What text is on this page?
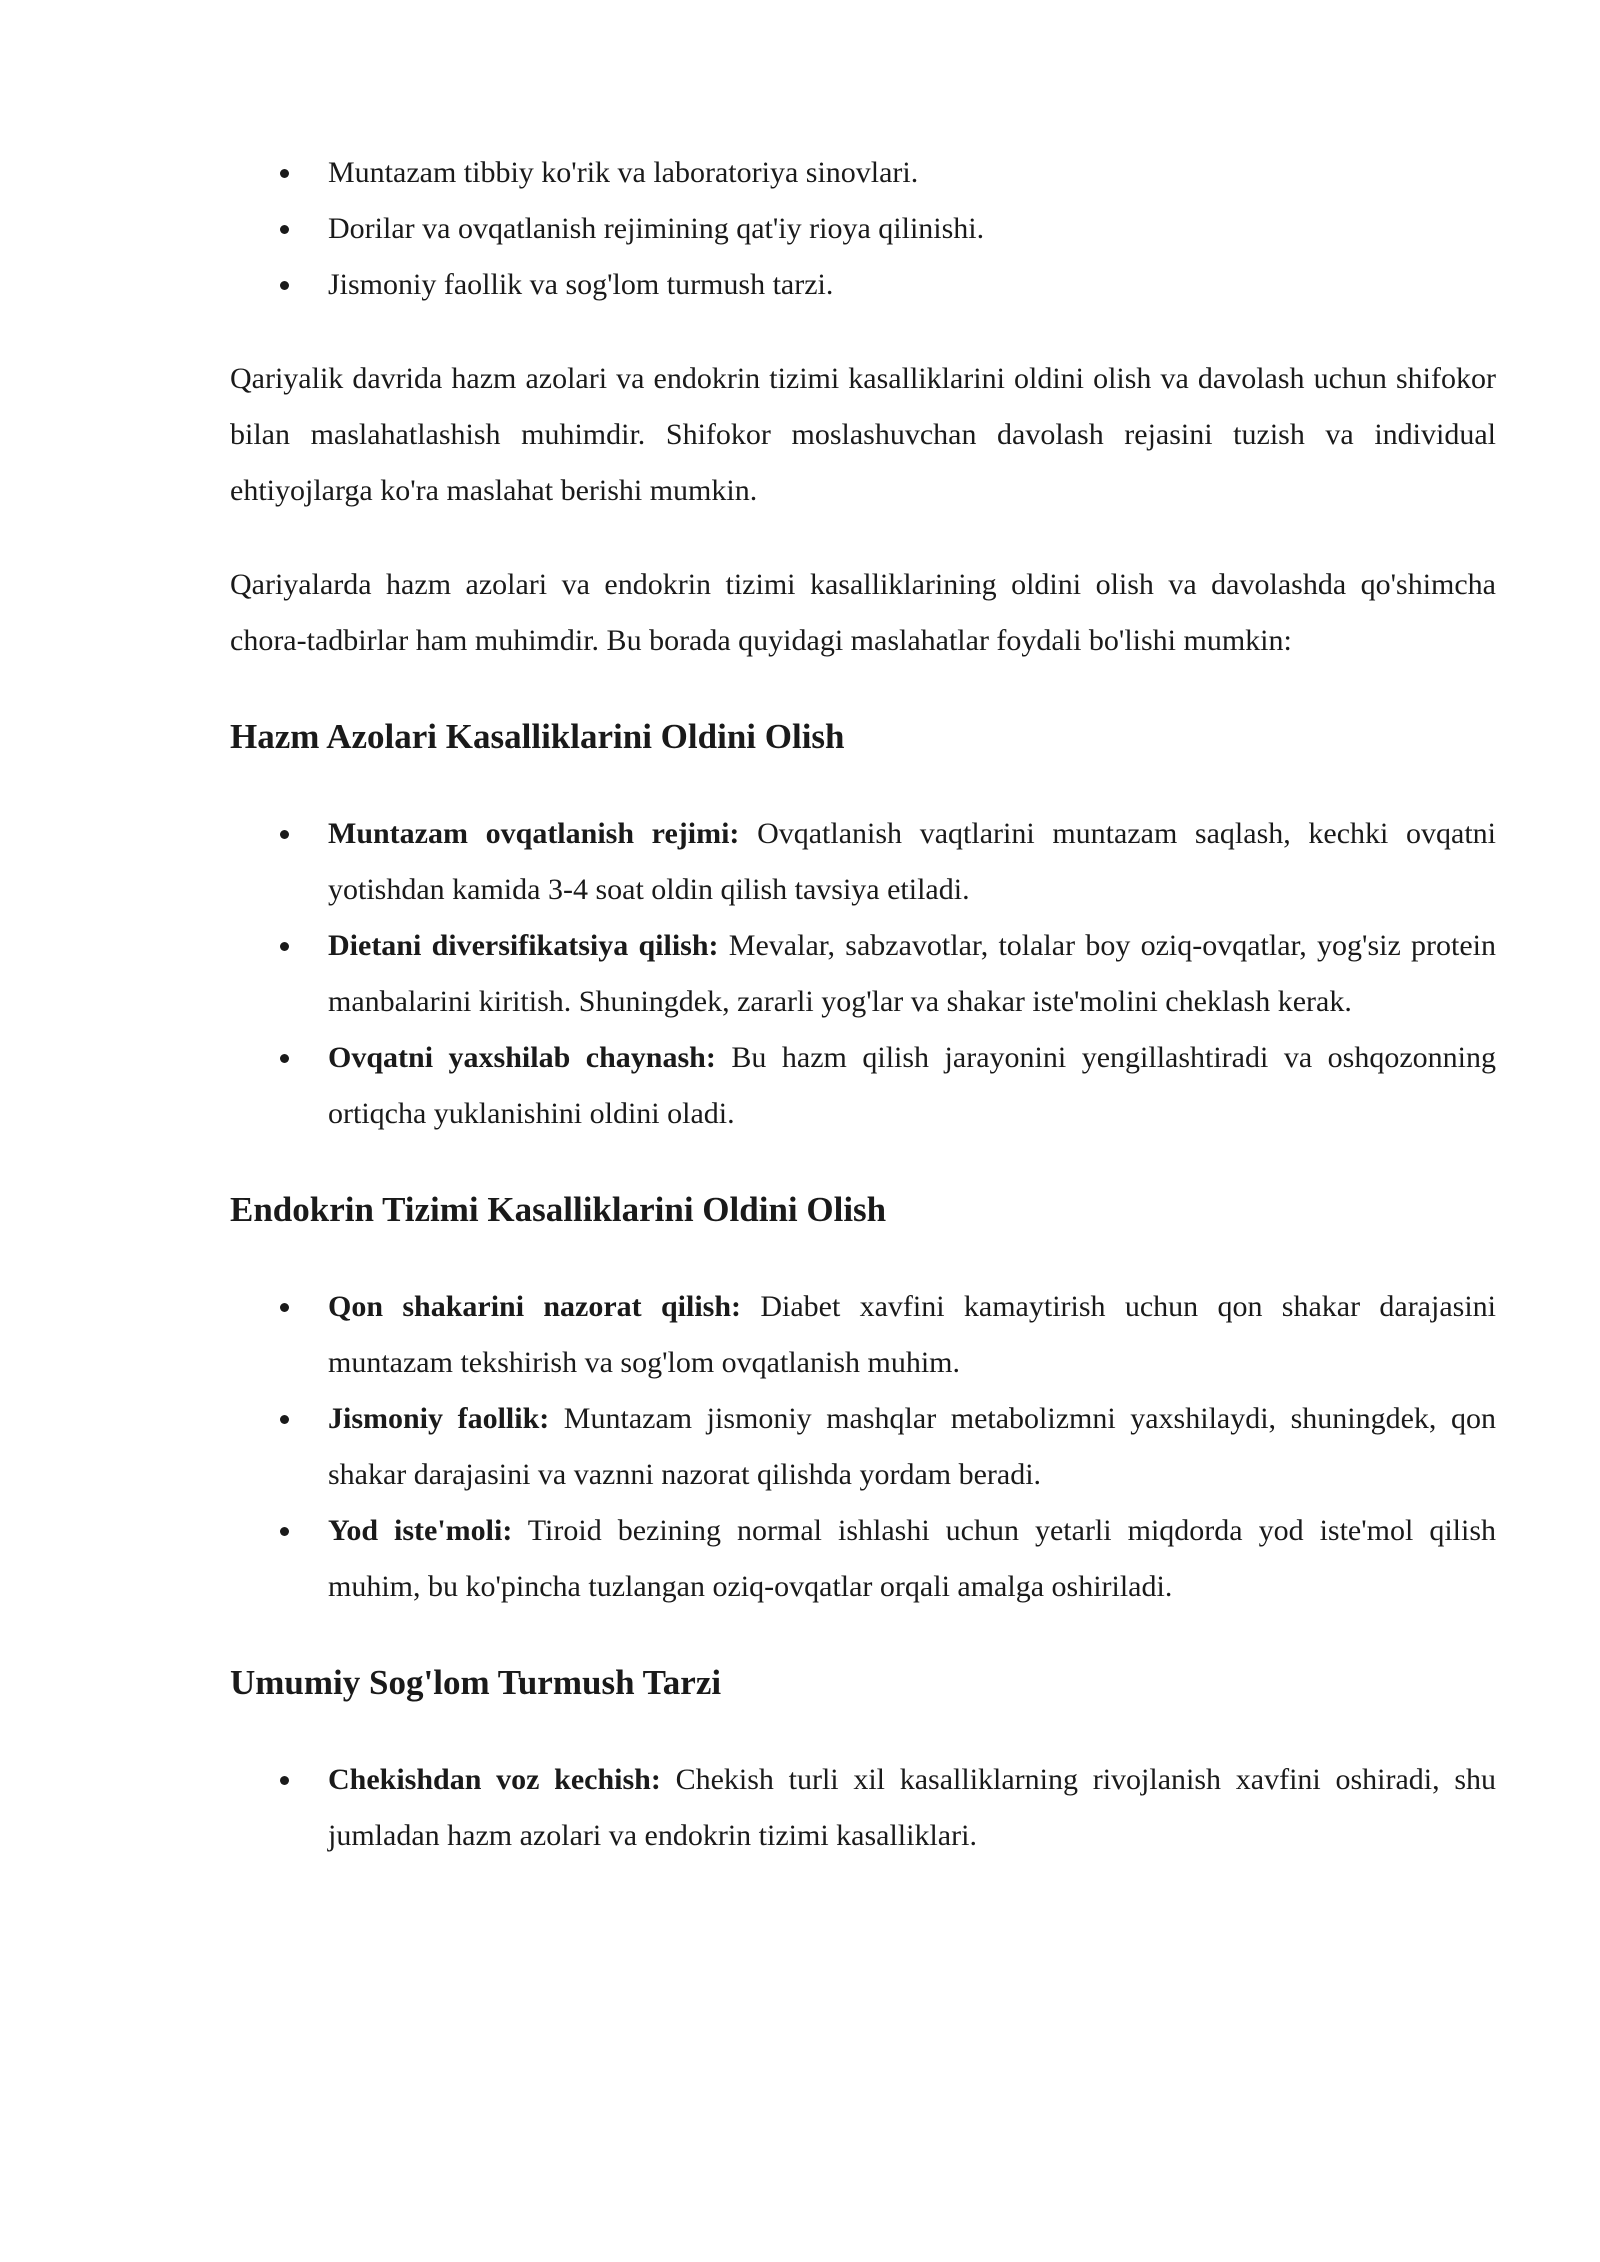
Muntazam tibbiy ko'rik va laboratoriya sinovlari.
Dorilar va ovqatlanish rejimining qat'iy rioya qilinishi.
Jismoniy faollik va sog'lom turmush tarzi.

Qariyalik davrida hazm azolari va endokrin tizimi kasalliklarini oldini olish va davolash uchun shifokor bilan maslahatlashish muhimdir. Shifokor moslashuvchan davolash rejasini tuzish va individual ehtiyojlarga ko'ra maslahat berishi mumkin.

Qariyalarda hazm azolari va endokrin tizimi kasalliklarining oldini olish va davolashda qo'shimcha chora-tadbirlar ham muhimdir. Bu borada quyidagi maslahatlar foydali bo'lishi mumkin:

Hazm Azolari Kasalliklarini Oldini Olish
Muntazam ovqatlanish rejimi: Ovqatlanish vaqtlarini muntazam saqlash, kechki ovqatni yotishdan kamida 3-4 soat oldin qilish tavsiya etiladi.
Dietani diversifikatsiya qilish: Mevalar, sabzavotlar, tolalar boy oziq-ovqatlar, yog'siz protein manbalarini kiritish. Shuningdek, zararli yog'lar va shakar iste'molini cheklash kerak.
Ovqatni yaxshilab chaynash: Bu hazm qilish jarayonini yengillashtiradi va oshqozonning ortiqcha yuklanishini oldini oladi.
Endokrin Tizimi Kasalliklarini Oldini Olish
Qon shakarini nazorat qilish: Diabet xavfini kamaytirish uchun qon shakar darajasini muntazam tekshirish va sog'lom ovqatlanish muhim.
Jismoniy faollik: Muntazam jismoniy mashqlar metabolizmni yaxshilaydi, shuningdek, qon shakar darajasini va vaznni nazorat qilishda yordam beradi.
Yod iste'moli: Tiroid bezining normal ishlashi uchun yetarli miqdorda yod iste'mol qilish muhim, bu ko'pincha tuzlangan oziq-ovqatlar orqali amalga oshiriladi.
Umumiy Sog'lom Turmush Tarzi
Chekishdan voz kechish: Chekish turli xil kasalliklarning rivojlanish xavfini oshiradi, shu jumladan hazm azolari va endokrin tizimi kasalliklari.
